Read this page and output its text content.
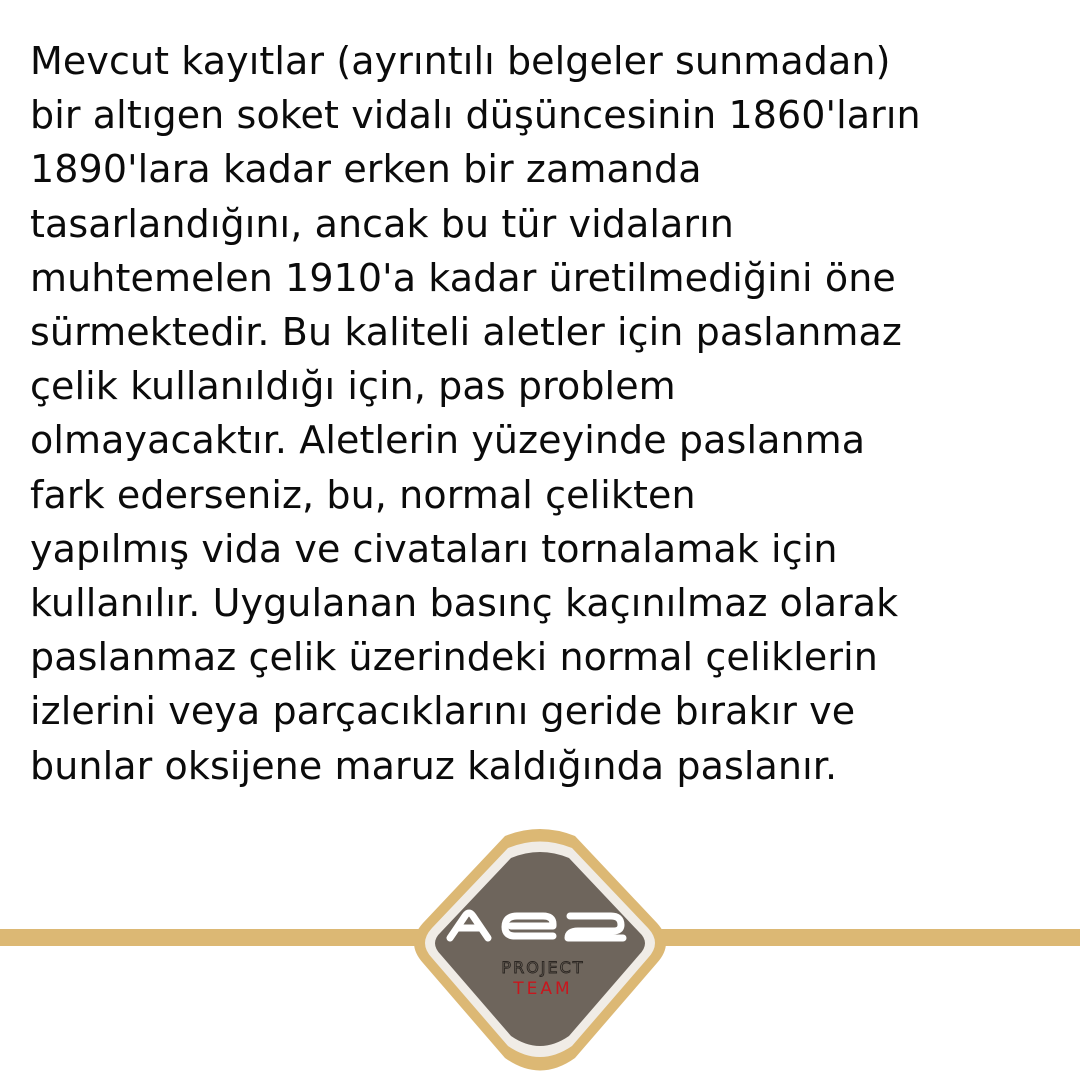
Mevcut kayıtlar (ayrıntılı belgeler sunmadan)
bir altıgen soket vidalı düşüncesinin 1860'ların
1890'lara kadar erken bir zamanda
tasarlandığını, ancak bu tür vidaların
muhtemelen 1910'a kadar üretilmediğini öne
sürmektedir. Bu kaliteli aletler için paslanmaz
çelik kullanıldığı için, pas problem
olmayacaktır. Aletlerin yüzeyinde paslanma
fark ederseniz, bu, normal çelikten
yapılmış vida ve civataları tornalamak için
kullanılır. Uygulanan basınç kaçınılmaz olarak
paslanmaz çelik üzerindeki normal çeliklerin
izlerini veya parçacıklarını geride bırakır ve
bunlar oksijene maruz kaldığında paslanır.
PROJECT
TEAM
